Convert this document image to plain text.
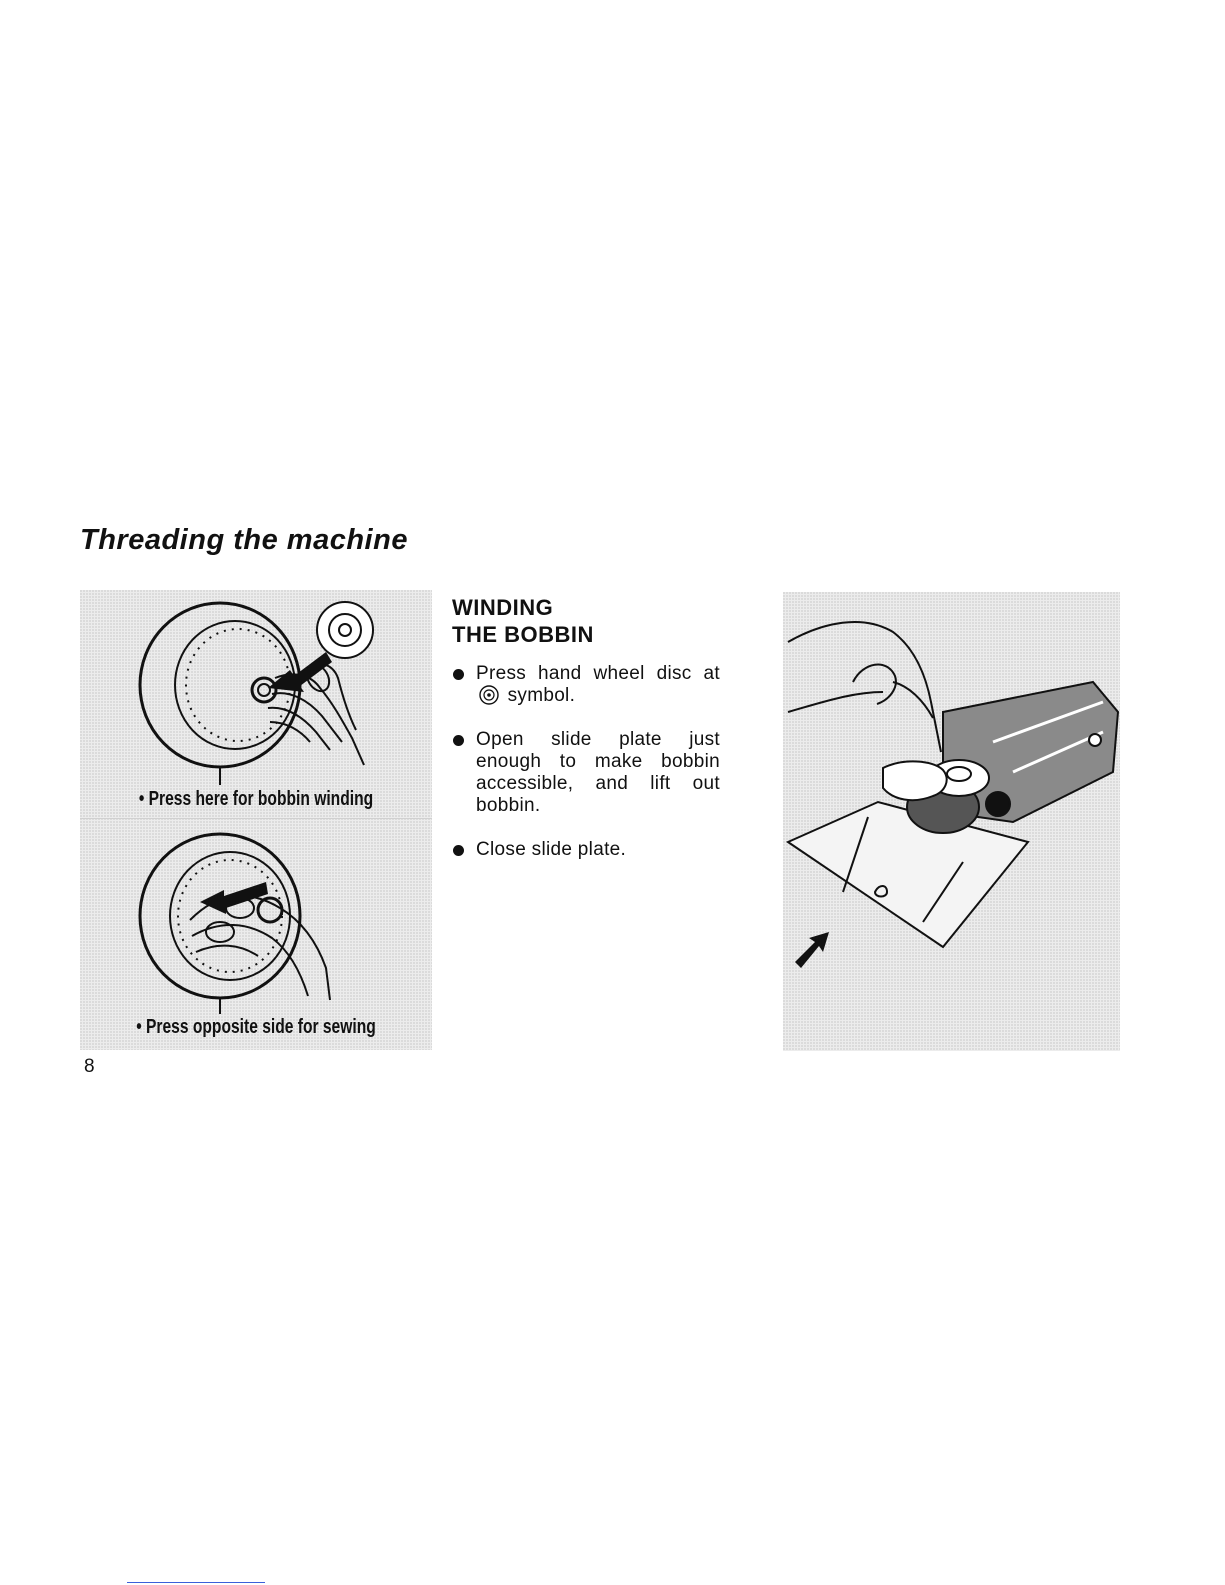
Threading the machine
• Press here for bobbin winding
• Press opposite side for sewing
WINDING
THE BOBBIN
Press hand wheel disc at  symbol.
Open slide plate just enough to make bobbin accessible, and lift out bobbin.
Close slide plate.
8
